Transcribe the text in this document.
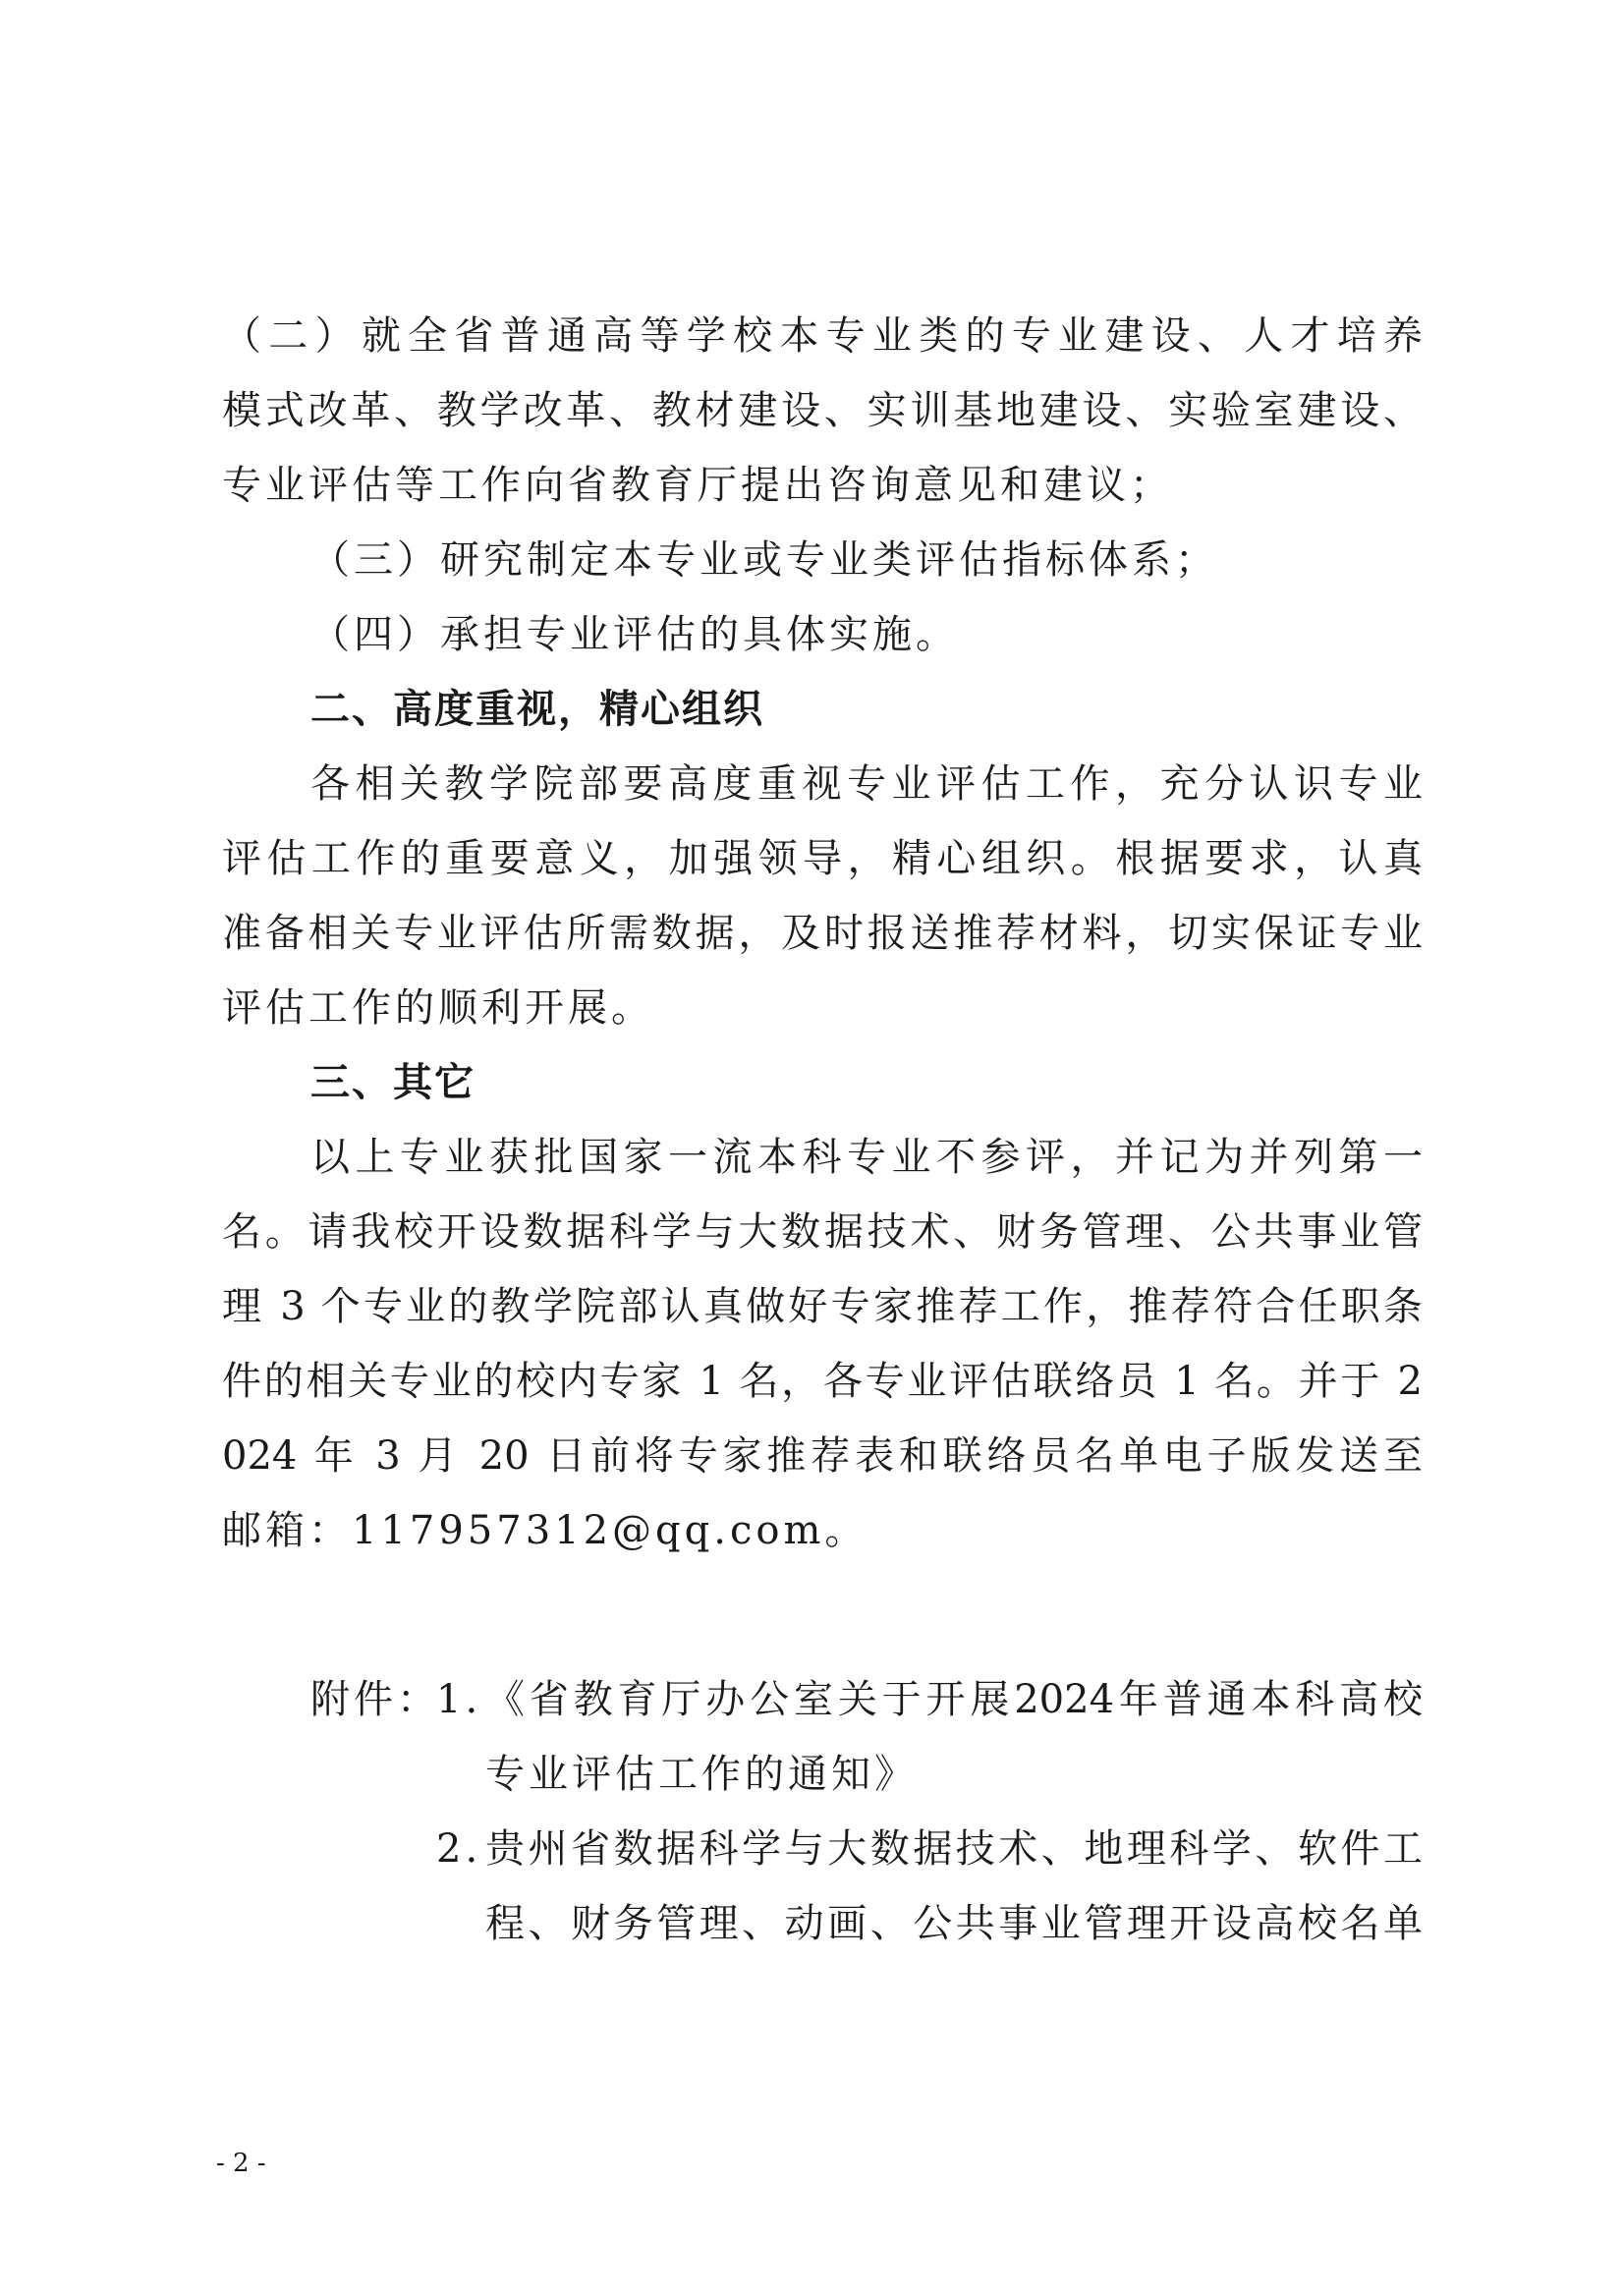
（二）就全省普通高等学校本专业类的专业建设、人才培养
模式改革、教学改革、教材建设、实训基地建设、实验室建设、
专业评估等工作向省教育厅提出咨询意见和建议；
（三）研究制定本专业或专业类评估指标体系；
（四）承担专业评估的具体实施。
二、高度重视，精心组织
各相关教学院部要高度重视专业评估工作，充分认识专业
评估工作的重要意义，加强领导，精心组织。根据要求，认真
准备相关专业评估所需数据，及时报送推荐材料，切实保证专业
评估工作的顺利开展。
三、其它
以上专业获批国家一流本科专业不参评，并记为并列第一
名。请我校开设数据科学与大数据技术、财务管理、公共事业管
理 3 个专业的教学院部认真做好专家推荐工作，推荐符合任职条
件的相关专业的校内专家 1 名，各专业评估联络员 1 名。并于 2
024 年 3 月 20 日前将专家推荐表和联络员名单电子版发送至
邮箱：117957312@qq.com。
附件：
1. 《省教育厅办公室关于开展2024年普通本科高校
专业评估工作的通知》
2. 贵州省数据科学与大数据技术、地理科学、软件工
程、财务管理、动画、公共事业管理开设高校名单
- 2 -
